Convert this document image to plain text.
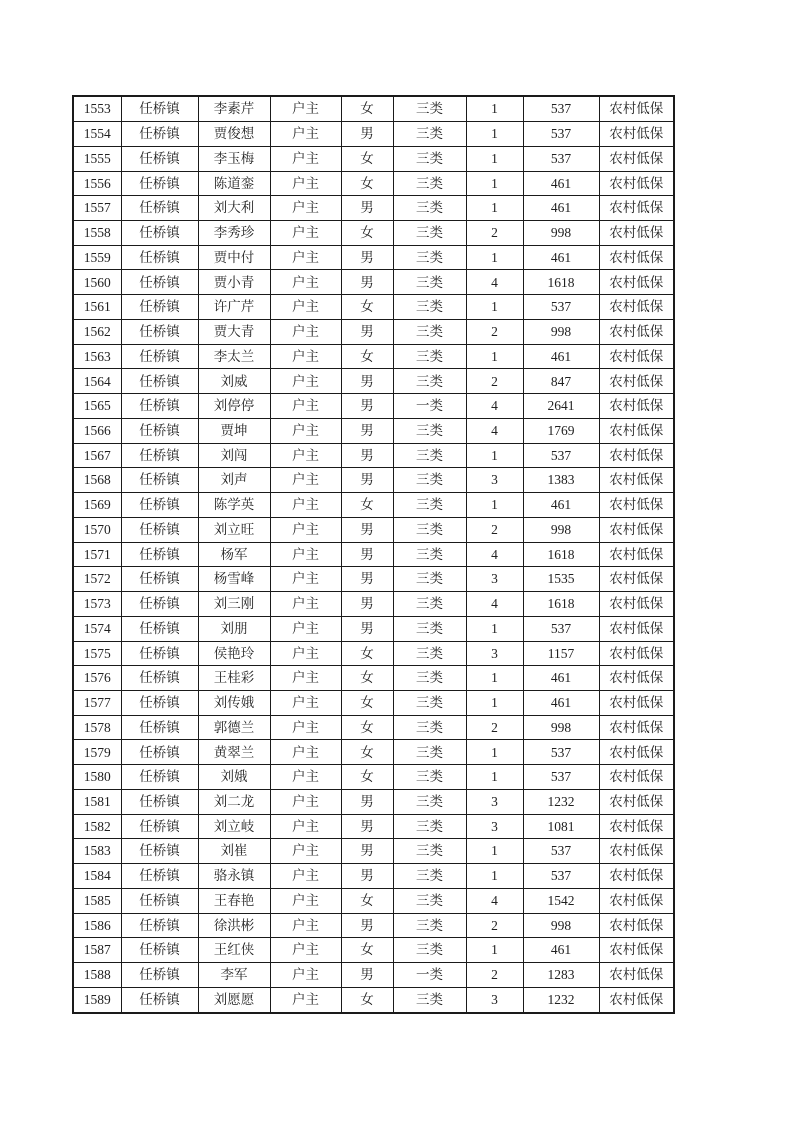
1553	任桥镇	李素芹	户主	女	三类	1	537	农村低保
1554	任桥镇	贾俊想	户主	男	三类	1	537	农村低保
1555	任桥镇	李玉梅	户主	女	三类	1	537	农村低保
1556	任桥镇	陈道銮	户主	女	三类	1	461	农村低保
1557	任桥镇	刘大利	户主	男	三类	1	461	农村低保
1558	任桥镇	李秀珍	户主	女	三类	2	998	农村低保
1559	任桥镇	贾中付	户主	男	三类	1	461	农村低保
1560	任桥镇	贾小青	户主	男	三类	4	1618	农村低保
1561	任桥镇	许广芹	户主	女	三类	1	537	农村低保
1562	任桥镇	贾大青	户主	男	三类	2	998	农村低保
1563	任桥镇	李太兰	户主	女	三类	1	461	农村低保
1564	任桥镇	刘威	户主	男	三类	2	847	农村低保
1565	任桥镇	刘停停	户主	男	一类	4	2641	农村低保
1566	任桥镇	贾坤	户主	男	三类	4	1769	农村低保
1567	任桥镇	刘闯	户主	男	三类	1	537	农村低保
1568	任桥镇	刘声	户主	男	三类	3	1383	农村低保
1569	任桥镇	陈学英	户主	女	三类	1	461	农村低保
1570	任桥镇	刘立旺	户主	男	三类	2	998	农村低保
1571	任桥镇	杨军	户主	男	三类	4	1618	农村低保
1572	任桥镇	杨雪峰	户主	男	三类	3	1535	农村低保
1573	任桥镇	刘三刚	户主	男	三类	4	1618	农村低保
1574	任桥镇	刘朋	户主	男	三类	1	537	农村低保
1575	任桥镇	侯艳玲	户主	女	三类	3	1157	农村低保
1576	任桥镇	王桂彩	户主	女	三类	1	461	农村低保
1577	任桥镇	刘传娥	户主	女	三类	1	461	农村低保
1578	任桥镇	郭德兰	户主	女	三类	2	998	农村低保
1579	任桥镇	黄翠兰	户主	女	三类	1	537	农村低保
1580	任桥镇	刘娥	户主	女	三类	1	537	农村低保
1581	任桥镇	刘二龙	户主	男	三类	3	1232	农村低保
1582	任桥镇	刘立岐	户主	男	三类	3	1081	农村低保
1583	任桥镇	刘崔	户主	男	三类	1	537	农村低保
1584	任桥镇	骆永镇	户主	男	三类	1	537	农村低保
1585	任桥镇	王春艳	户主	女	三类	4	1542	农村低保
1586	任桥镇	徐洪彬	户主	男	三类	2	998	农村低保
1587	任桥镇	王红侠	户主	女	三类	1	461	农村低保
1588	任桥镇	李军	户主	男	一类	2	1283	农村低保
1589	任桥镇	刘愿愿	户主	女	三类	3	1232	农村低保
